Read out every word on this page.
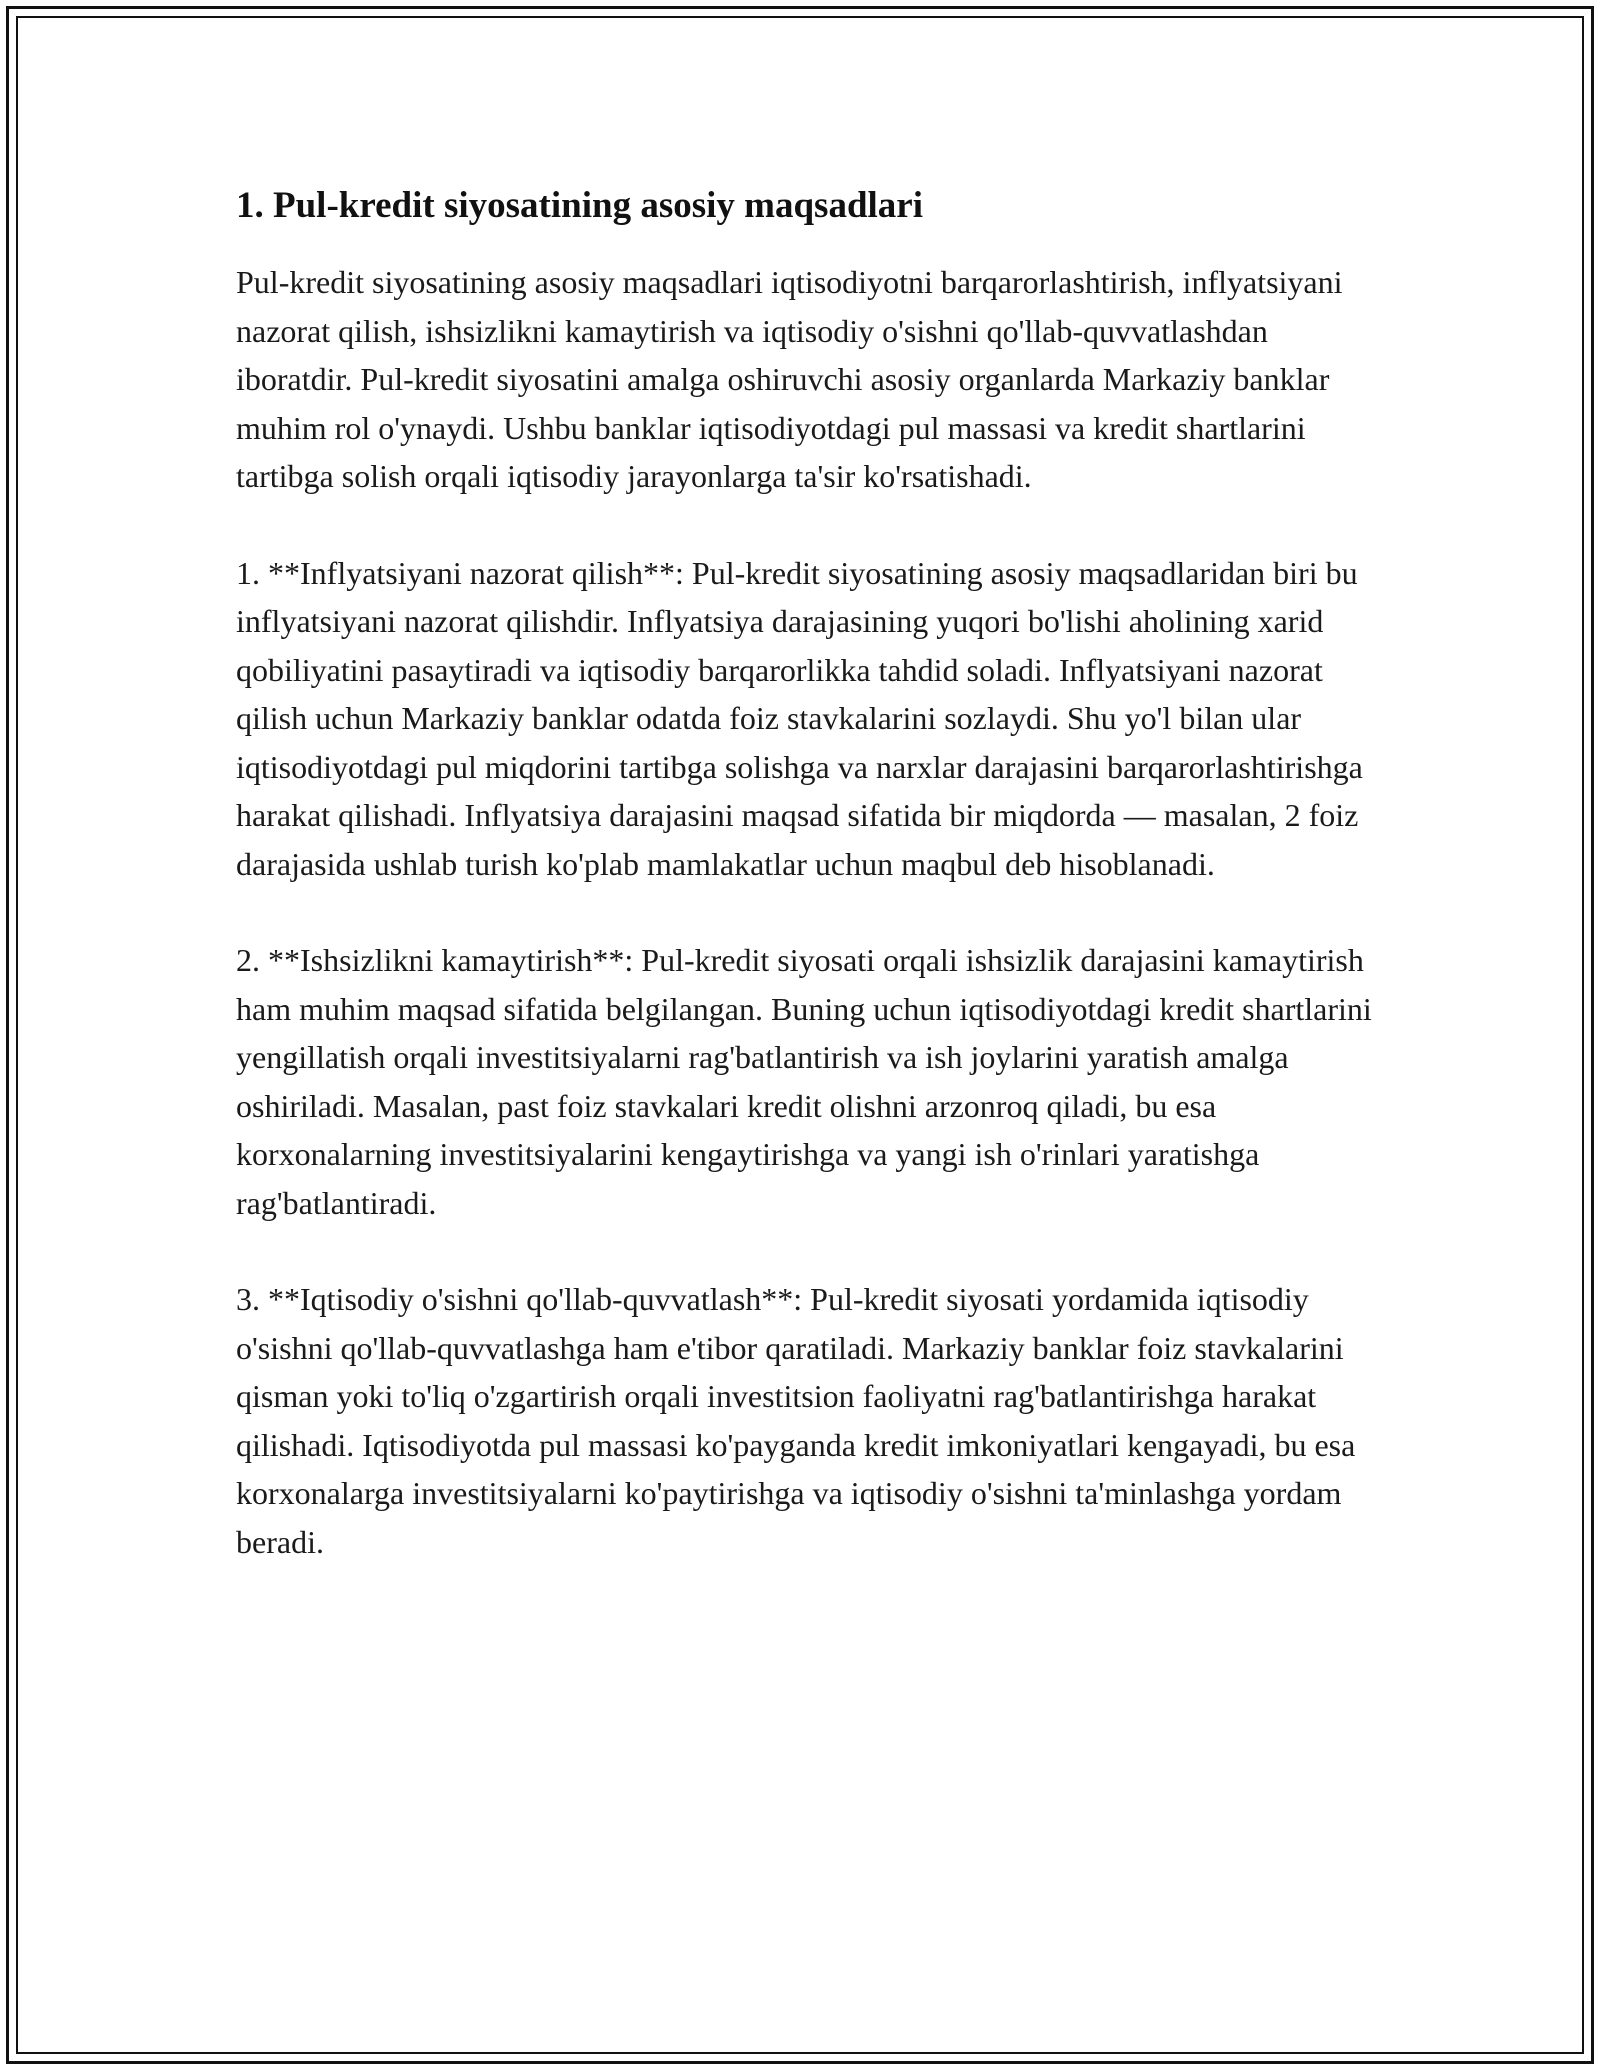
1. Pul-kredit siyosatining asosiy maqsadlari

Pul-kredit siyosatining asosiy maqsadlari iqtisodiyotni barqarorlashtirish, inflyatsiyani nazorat qilish, ishsizlikni kamaytirish va iqtisodiy o'sishni qo'llab-quvvatlashdan iboratdir. Pul-kredit siyosatini amalga oshiruvchi asosiy organlarda Markaziy banklar muhim rol o'ynaydi. Ushbu banklar iqtisodiyotdagi pul massasi va kredit shartlarini tartibga solish orqali iqtisodiy jarayonlarga ta'sir ko'rsatishadi.

1. **Inflyatsiyani nazorat qilish**: Pul-kredit siyosatining asosiy maqsadlaridan biri bu inflyatsiyani nazorat qilishdir. Inflyatsiya darajasining yuqori bo'lishi aholining xarid qobiliyatini pasaytiradi va iqtisodiy barqarorlikka tahdid soladi. Inflyatsiyani nazorat qilish uchun Markaziy banklar odatda foiz stavkalarini sozlaydi. Shu yo'l bilan ular iqtisodiyotdagi pul miqdorini tartibga solishga va narxlar darajasini barqarorlashtirishga harakat qilishadi. Inflyatsiya darajasini maqsad sifatida bir miqdorda — masalan, 2 foiz darajasida ushlab turish ko'plab mamlakatlar uchun maqbul deb hisoblanadi.

2. **Ishsizlikni kamaytirish**: Pul-kredit siyosati orqali ishsizlik darajasini kamaytirish ham muhim maqsad sifatida belgilangan. Buning uchun iqtisodiyotdagi kredit shartlarini yengillatish orqali investitsiyalarni rag'batlantirish va ish joylarini yaratish amalga oshiriladi. Masalan, past foiz stavkalari kredit olishni arzonroq qiladi, bu esa korxonalarning investitsiyalarini kengaytirishga va yangi ish o'rinlari yaratishga rag'batlantiradi.

3. **Iqtisodiy o'sishni qo'llab-quvvatlash**: Pul-kredit siyosati yordamida iqtisodiy o'sishni qo'llab-quvvatlashga ham e'tibor qaratiladi. Markaziy banklar foiz stavkalarini qisman yoki to'liq o'zgartirish orqali investitsion faoliyatni rag'batlantirishga harakat qilishadi. Iqtisodiyotda pul massasi ko'payganda kredit imkoniyatlari kengayadi, bu esa korxonalarga investitsiyalarni ko'paytirishga va iqtisodiy o'sishni ta'minlashga yordam beradi.
